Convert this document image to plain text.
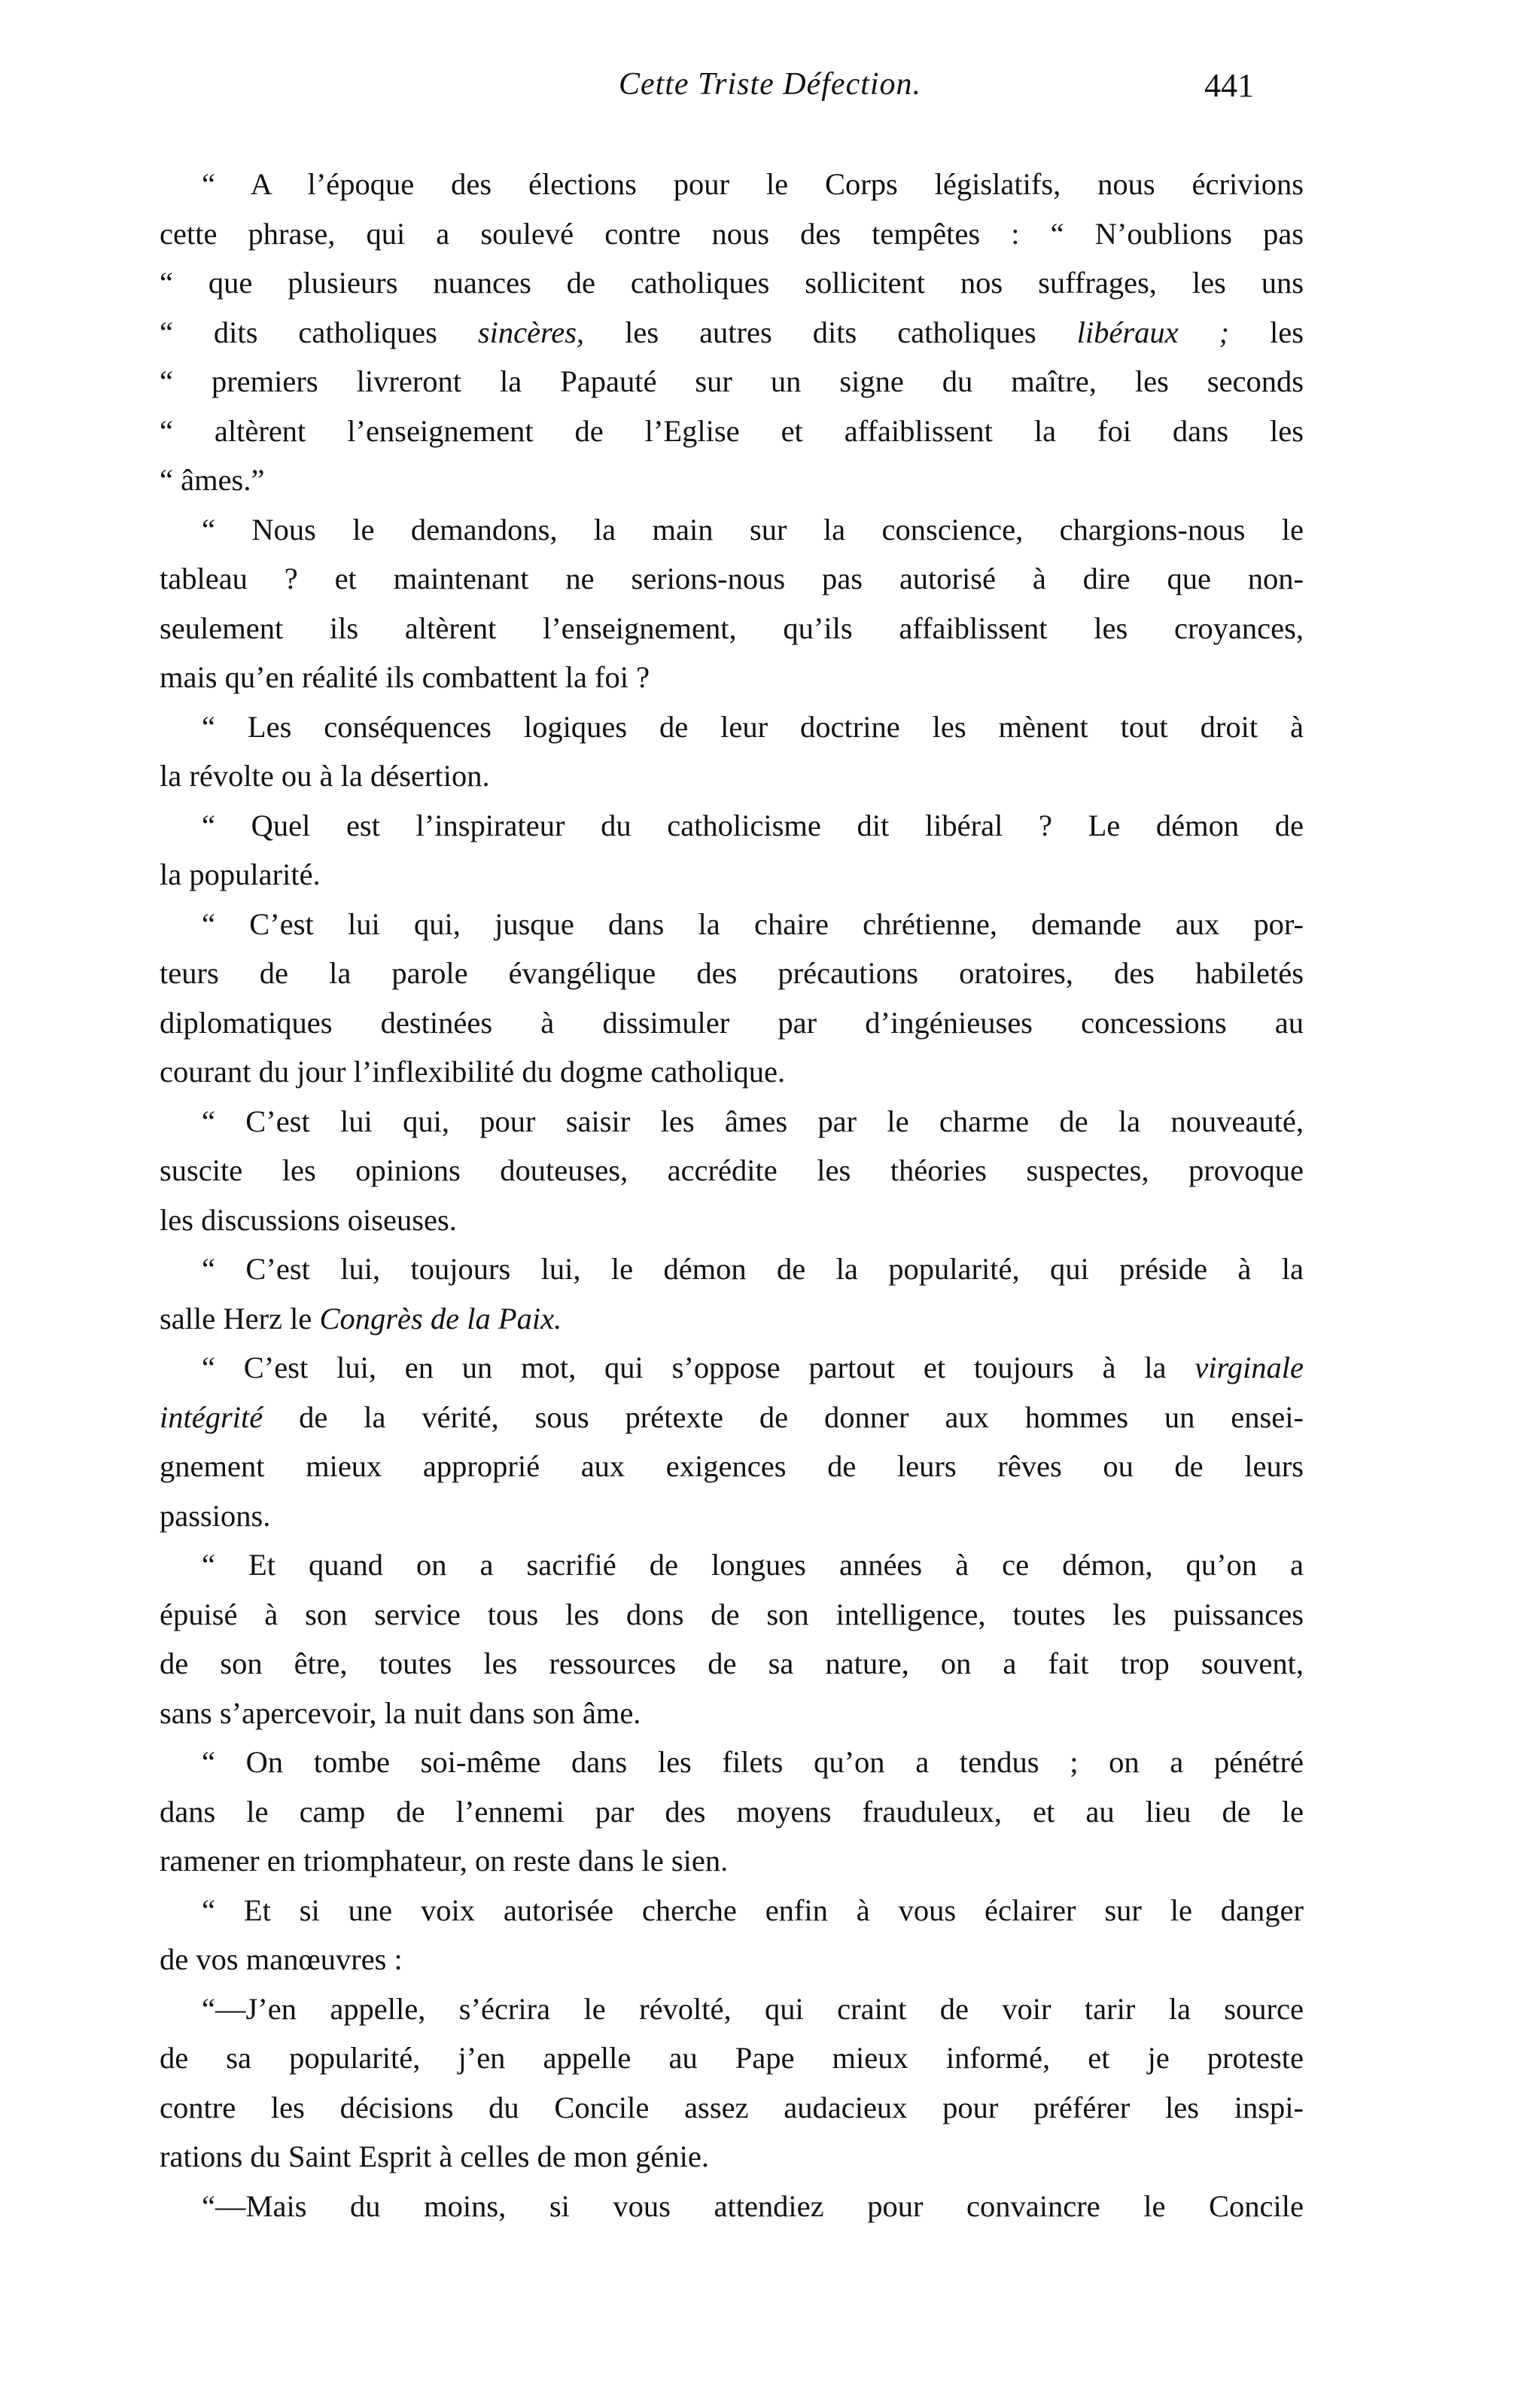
Cette Triste Défection.	441
“ A l’époque des élections pour le Corps législatifs, nous écrivions
cette phrase, qui a soulevé contre nous des tempêtes : “ N’oublions pas
“ que plusieurs nuances de catholiques sollicitent nos suffrages, les uns
“ dits catholiques sincères, les autres dits catholiques libéraux ; les
“ premiers livreront la Papauté sur un signe du maître, les seconds
“ altèrent l’enseignement de l’Eglise et affaiblissent la foi dans les
“ âmes.”
“ Nous le demandons, la main sur la conscience, chargions-nous le
tableau ? et maintenant ne serions-nous pas autorisé à dire que non-
seulement ils altèrent l’enseignement, qu’ils affaiblissent les croyances,
mais qu’en réalité ils combattent la foi ?
“ Les conséquences logiques de leur doctrine les mènent tout droit à
la révolte ou à la désertion.
“ Quel est l’inspirateur du catholicisme dit libéral ? Le démon de
la popularité.
“ C’est lui qui, jusque dans la chaire chrétienne, demande aux por-
teurs de la parole évangélique des précautions oratoires, des habiletés
diplomatiques destinées à dissimuler par d’ingénieuses concessions au
courant du jour l’inflexibilité du dogme catholique.
“ C’est lui qui, pour saisir les âmes par le charme de la nouveauté,
suscite les opinions douteuses, accrédite les théories suspectes, provoque
les discussions oiseuses.
“ C’est lui, toujours lui, le démon de la popularité, qui préside à la
salle Herz le Congrès de la Paix.
“ C’est lui, en un mot, qui s’oppose partout et toujours à la virginale
intégrité de la vérité, sous prétexte de donner aux hommes un ensei-
gnement mieux approprié aux exigences de leurs rêves ou de leurs
passions.
“ Et quand on a sacrifié de longues années à ce démon, qu’on a
épuisé à son service tous les dons de son intelligence, toutes les puissances
de son être, toutes les ressources de sa nature, on a fait trop souvent,
sans s’apercevoir, la nuit dans son âme.
“ On tombe soi-même dans les filets qu’on a tendus ; on a pénétré
dans le camp de l’ennemi par des moyens frauduleux, et au lieu de le
ramener en triomphateur, on reste dans le sien.
“ Et si une voix autorisée cherche enfin à vous éclairer sur le danger
de vos manœuvres :
“—J’en appelle, s’écrira le révolté, qui craint de voir tarir la source
de sa popularité, j’en appelle au Pape mieux informé, et je proteste
contre les décisions du Concile assez audacieux pour préférer les inspi-
rations du Saint Esprit à celles de mon génie.
“—Mais du moins, si vous attendiez pour convaincre le Concile
